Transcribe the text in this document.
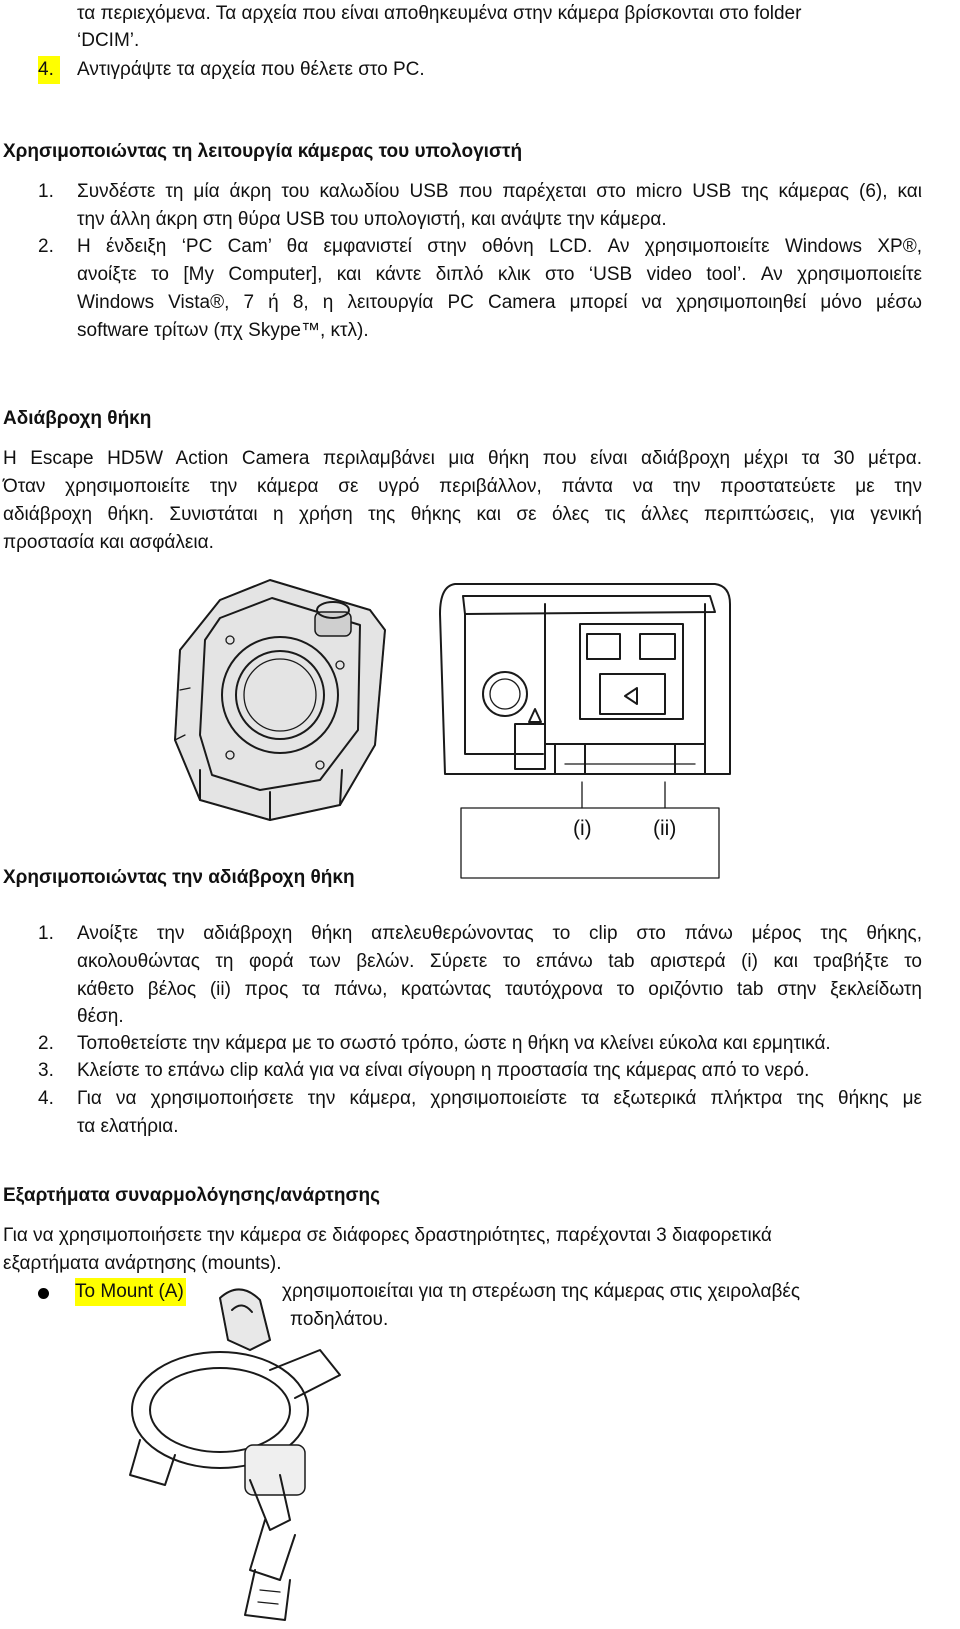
τα περιεχόμενα. Τα αρχεία που είναι αποθηκευμένα στην κάμερα βρίσκονται στο folder
‘DCIM’.
4.	Αντιγράψτε τα αρχεία που θέλετε στο PC.
Χρησιμοποιώντας τη λειτουργία κάμερας του υπολογιστή
1. Συνδέστε τη μία άκρη του καλωδίου USB που παρέχεται στο micro USB της κάμερας (6), και
την άλλη άκρη στη θύρα USB του υπολογιστή, και ανάψτε την κάμερα.
2. Η ένδειξη ‘PC Cam’ θα εμφανιστεί στην οθόνη LCD. Αν χρησιμοποιείτε Windows XP®,
ανοίξτε το [My Computer], και κάντε διπλό κλικ στο ‘USB video tool’. Αν χρησιμοποιείτε
Windows Vista®, 7 ή 8, η λειτουργία PC Camera μπορεί να χρησιμοποιηθεί μόνο μέσω
software τρίτων (πχ Skype™, κτλ).
Αδιάβροχη θήκη
Η Escape HD5W Action Camera περιλαμβάνει μια θήκη που είναι αδιάβροχη μέχρι τα 30 μέτρα.
Όταν χρησιμοποιείτε την κάμερα σε υγρό περιβάλλον, πάντα να την προστατεύετε με την
αδιάβροχη θήκη. Συνιστάται η χρήση της θήκης και σε όλες τις άλλες περιπτώσεις, για γενική
προστασία και ασφάλεια.
(i)	(ii)
Χρησιμοποιώντας την αδιάβροχη θήκη
1. Ανοίξτε την αδιάβροχη θήκη απελευθερώνοντας το clip στο πάνω μέρος της θήκης,
ακολουθώντας τη φορά των βελών. Σύρετε το επάνω tab αριστερά (i) και τραβήξτε το
κάθετο βέλος (ii) προς τα πάνω, κρατώντας ταυτόχρονα το οριζόντιο tab στην ξεκλείδωτη
θέση.
2. Τοποθετείστε την κάμερα με το σωστό τρόπο, ώστε η θήκη να κλείνει εύκολα και ερμητικά.
3. Κλείστε το επάνω clip καλά για να είναι σίγουρη η προστασία της κάμερας από το νερό.
4. Για να χρησιμοποιήσετε την κάμερα, χρησιμοποιείστε τα εξωτερικά πλήκτρα της θήκης με
τα ελατήρια.
Εξαρτήματα συναρμολόγησης/ανάρτησης
Για να χρησιμοποιήσετε την κάμερα σε διάφορες δραστηριότητες, παρέχονται 3 διαφορετικά
εξαρτήματα ανάρτησης (mounts).
Το Mount (A)	χρησιμοποιείται για τη στερέωση της κάμερας στις χειρολαβές
ποδηλάτου.
